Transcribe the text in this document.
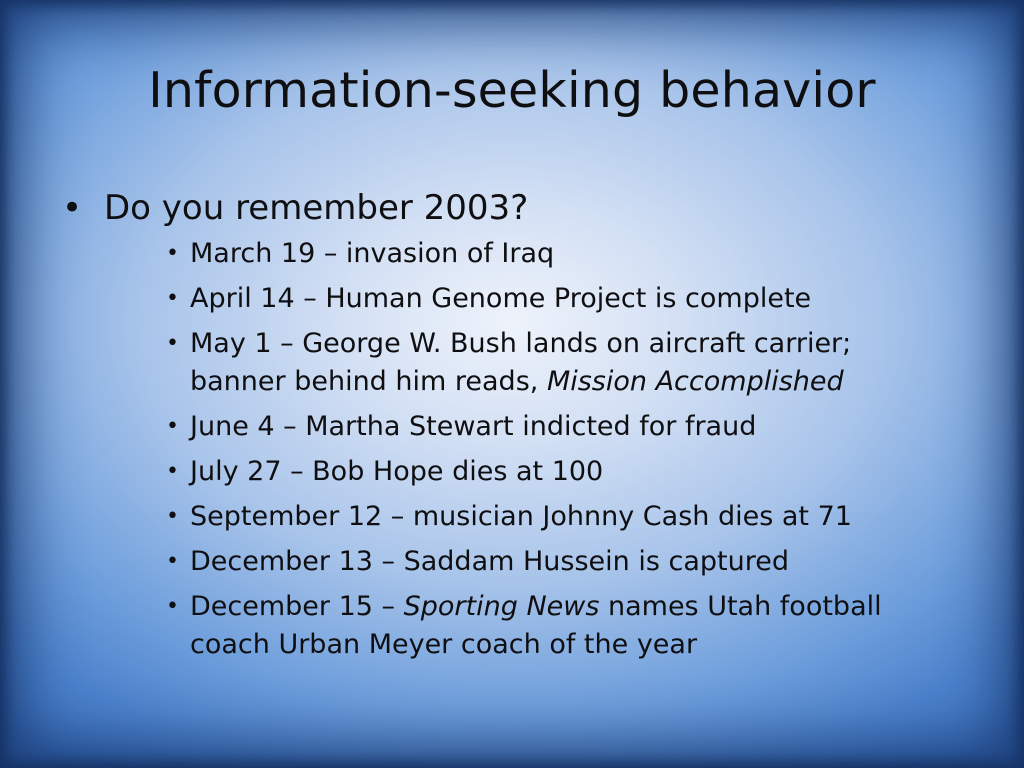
Information-seeking behavior
• Do you remember 2003?
• March 19 – invasion of Iraq
• April 14 – Human Genome Project is complete
• May 1 – George W. Bush lands on aircraft carrier;
banner behind him reads, Mission Accomplished
• June 4 – Martha Stewart indicted for fraud
• July 27 – Bob Hope dies at 100
• September 12 – musician Johnny Cash dies at 71
• December 13 – Saddam Hussein is captured
• December 15 – Sporting News names Utah football
coach Urban Meyer coach of the year
